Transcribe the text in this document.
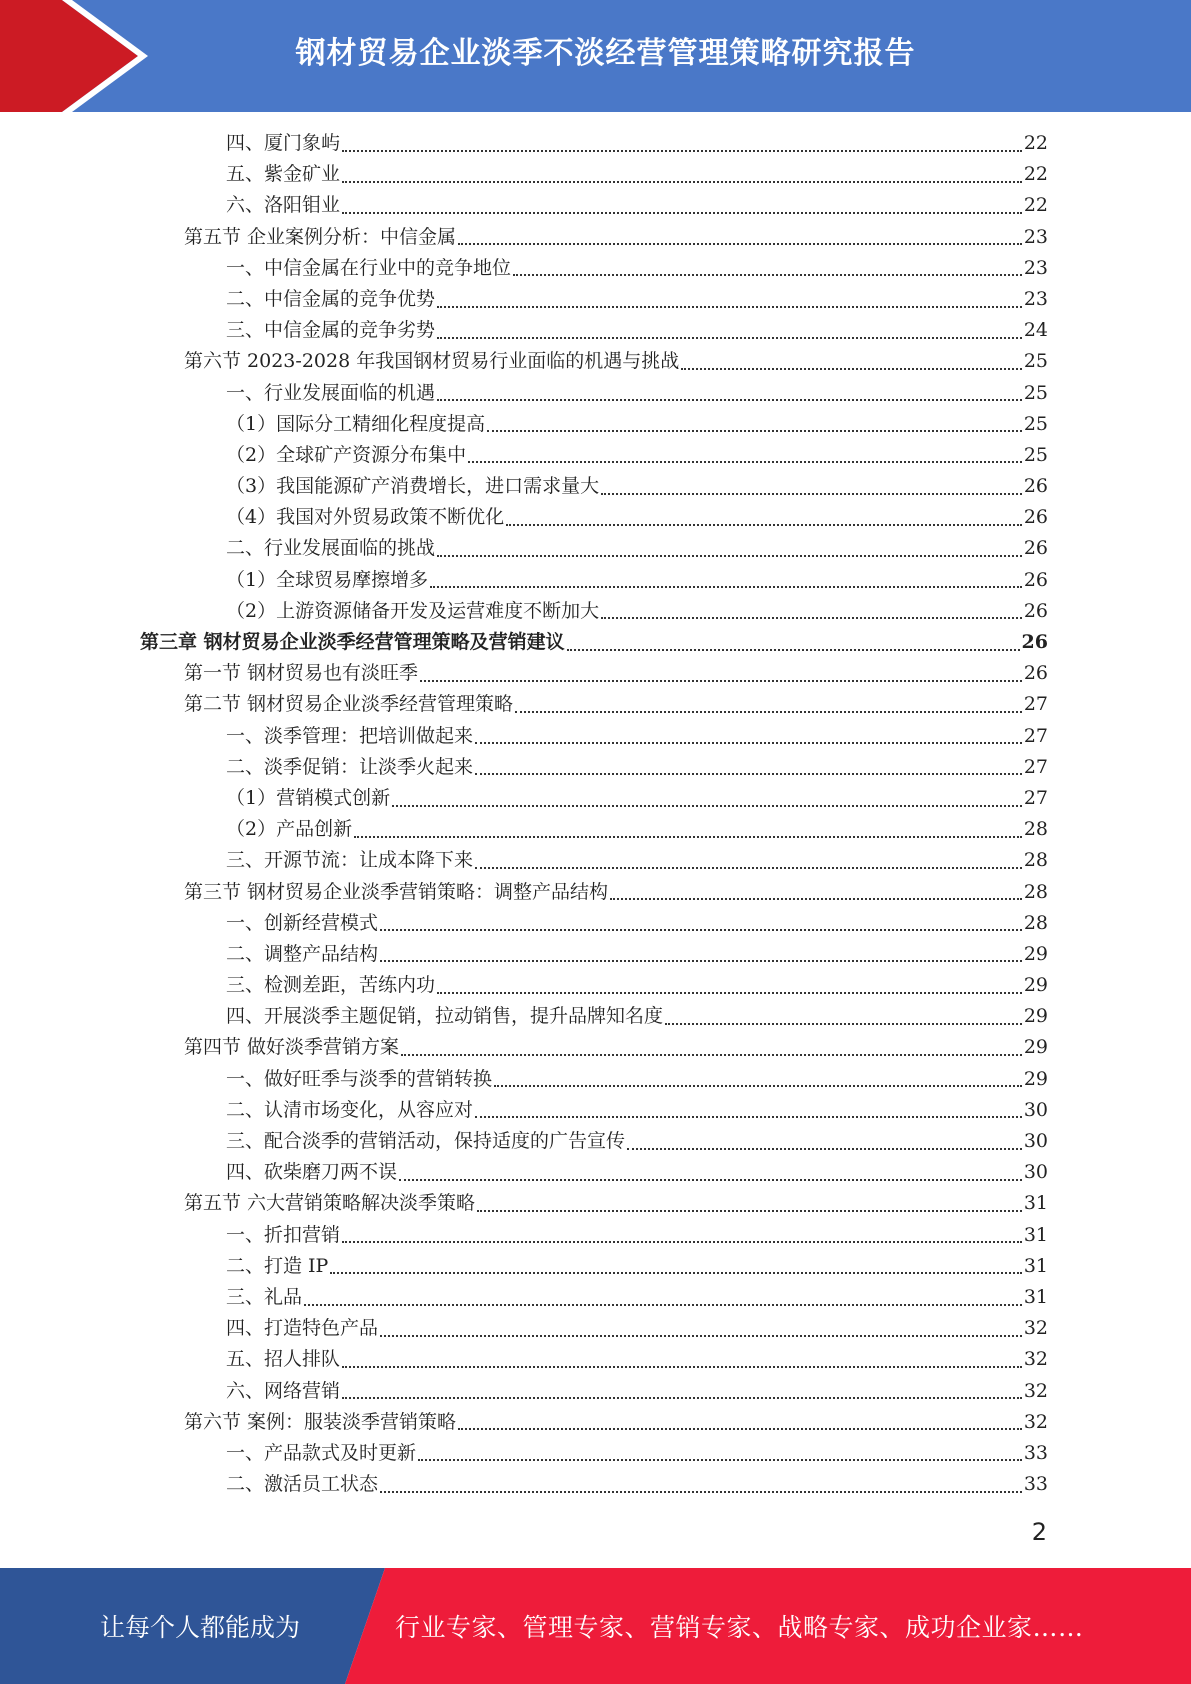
钢材贸易企业淡季不淡经营管理策略研究报告
四、厦门象屿	22
五、紫金矿业	22
六、洛阳钼业	22
第五节 企业案例分析：中信金属	23
一、中信金属在行业中的竞争地位	23
二、中信金属的竞争优势	23
三、中信金属的竞争劣势	24
第六节 2023-2028 年我国钢材贸易行业面临的机遇与挑战	25
一、行业发展面临的机遇	25
（1）国际分工精细化程度提高	25
（2）全球矿产资源分布集中	25
（3）我国能源矿产消费增长，进口需求量大	26
（4）我国对外贸易政策不断优化	26
二、行业发展面临的挑战	26
（1）全球贸易摩擦增多	26
（2）上游资源储备开发及运营难度不断加大	26
第三章 钢材贸易企业淡季经营管理策略及营销建议	26
第一节 钢材贸易也有淡旺季	26
第二节 钢材贸易企业淡季经营管理策略	27
一、淡季管理：把培训做起来	27
二、淡季促销：让淡季火起来	27
（1）营销模式创新	27
（2）产品创新	28
三、开源节流：让成本降下来	28
第三节 钢材贸易企业淡季营销策略：调整产品结构	28
一、创新经营模式	28
二、调整产品结构	29
三、检测差距，苦练内功	29
四、开展淡季主题促销，拉动销售，提升品牌知名度	29
第四节 做好淡季营销方案	29
一、做好旺季与淡季的营销转换	29
二、认清市场变化，从容应对	30
三、配合淡季的营销活动，保持适度的广告宣传	30
四、砍柴磨刀两不误	30
第五节 六大营销策略解决淡季策略	31
一、折扣营销	31
二、打造 IP	31
三、礼品	31
四、打造特色产品	32
五、招人排队	32
六、网络营销	32
第六节 案例：服装淡季营销策略	32
一、产品款式及时更新	33
二、激活员工状态	33
2
让每个人都能成为	行业专家、管理专家、营销专家、战略专家、成功企业家……
